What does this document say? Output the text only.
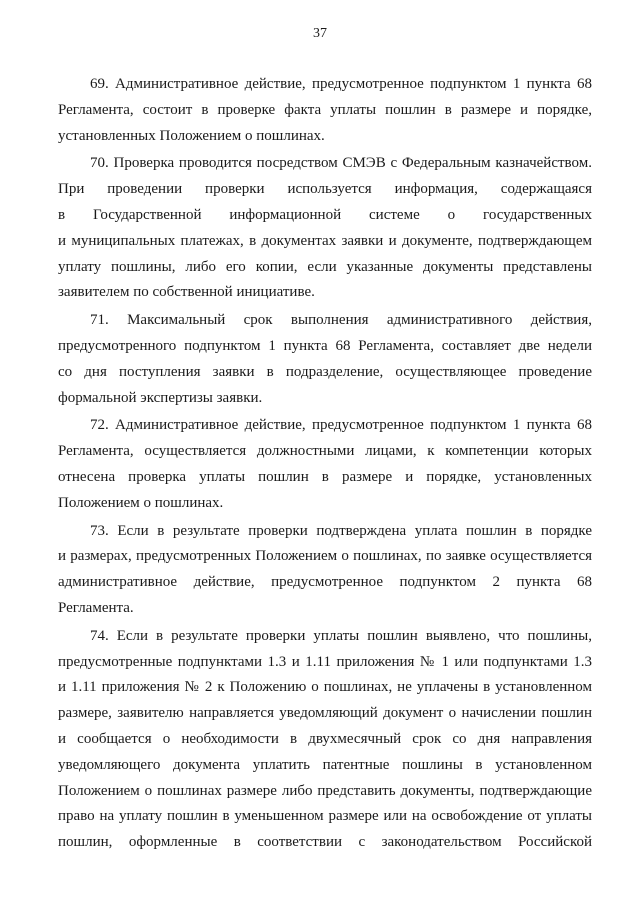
37
69. Административное действие, предусмотренное подпунктом 1 пункта 68
Регламента, состоит в проверке факта уплаты пошлин в размере и порядке,
установленных Положением о пошлинах.
70. Проверка проводится посредством СМЭВ с Федеральным казначейством.
При проведении проверки используется информация, содержащаяся
в Государственной информационной системе о государственных
и муниципальных платежах, в документах заявки и документе, подтверждающем
уплату пошлины, либо его копии, если указанные документы представлены
заявителем по собственной инициативе.
71. Максимальный срок выполнения административного действия,
предусмотренного подпунктом 1 пункта 68 Регламента, составляет две недели
со дня поступления заявки в подразделение, осуществляющее проведение
формальной экспертизы заявки.
72. Административное действие, предусмотренное подпунктом 1 пункта 68
Регламента, осуществляется должностными лицами, к компетенции которых
отнесена проверка уплаты пошлин в размере и порядке, установленных
Положением о пошлинах.
73. Если в результате проверки подтверждена уплата пошлин в порядке
и размерах, предусмотренных Положением о пошлинах, по заявке осуществляется
административное действие, предусмотренное подпунктом 2 пункта 68
Регламента.
74. Если в результате проверки уплаты пошлин выявлено, что пошлины,
предусмотренные подпунктами 1.3 и 1.11 приложения № 1 или подпунктами 1.3
и 1.11 приложения № 2 к Положению о пошлинах, не уплачены в установленном
размере, заявителю направляется уведомляющий документ о начислении пошлин
и сообщается о необходимости в двухмесячный срок со дня направления
уведомляющего документа уплатить патентные пошлины в установленном
Положением о пошлинах размере либо представить документы, подтверждающие
право на уплату пошлин в уменьшенном размере или на освобождение от уплаты
пошлин, оформленные в соответствии с законодательством Российской
